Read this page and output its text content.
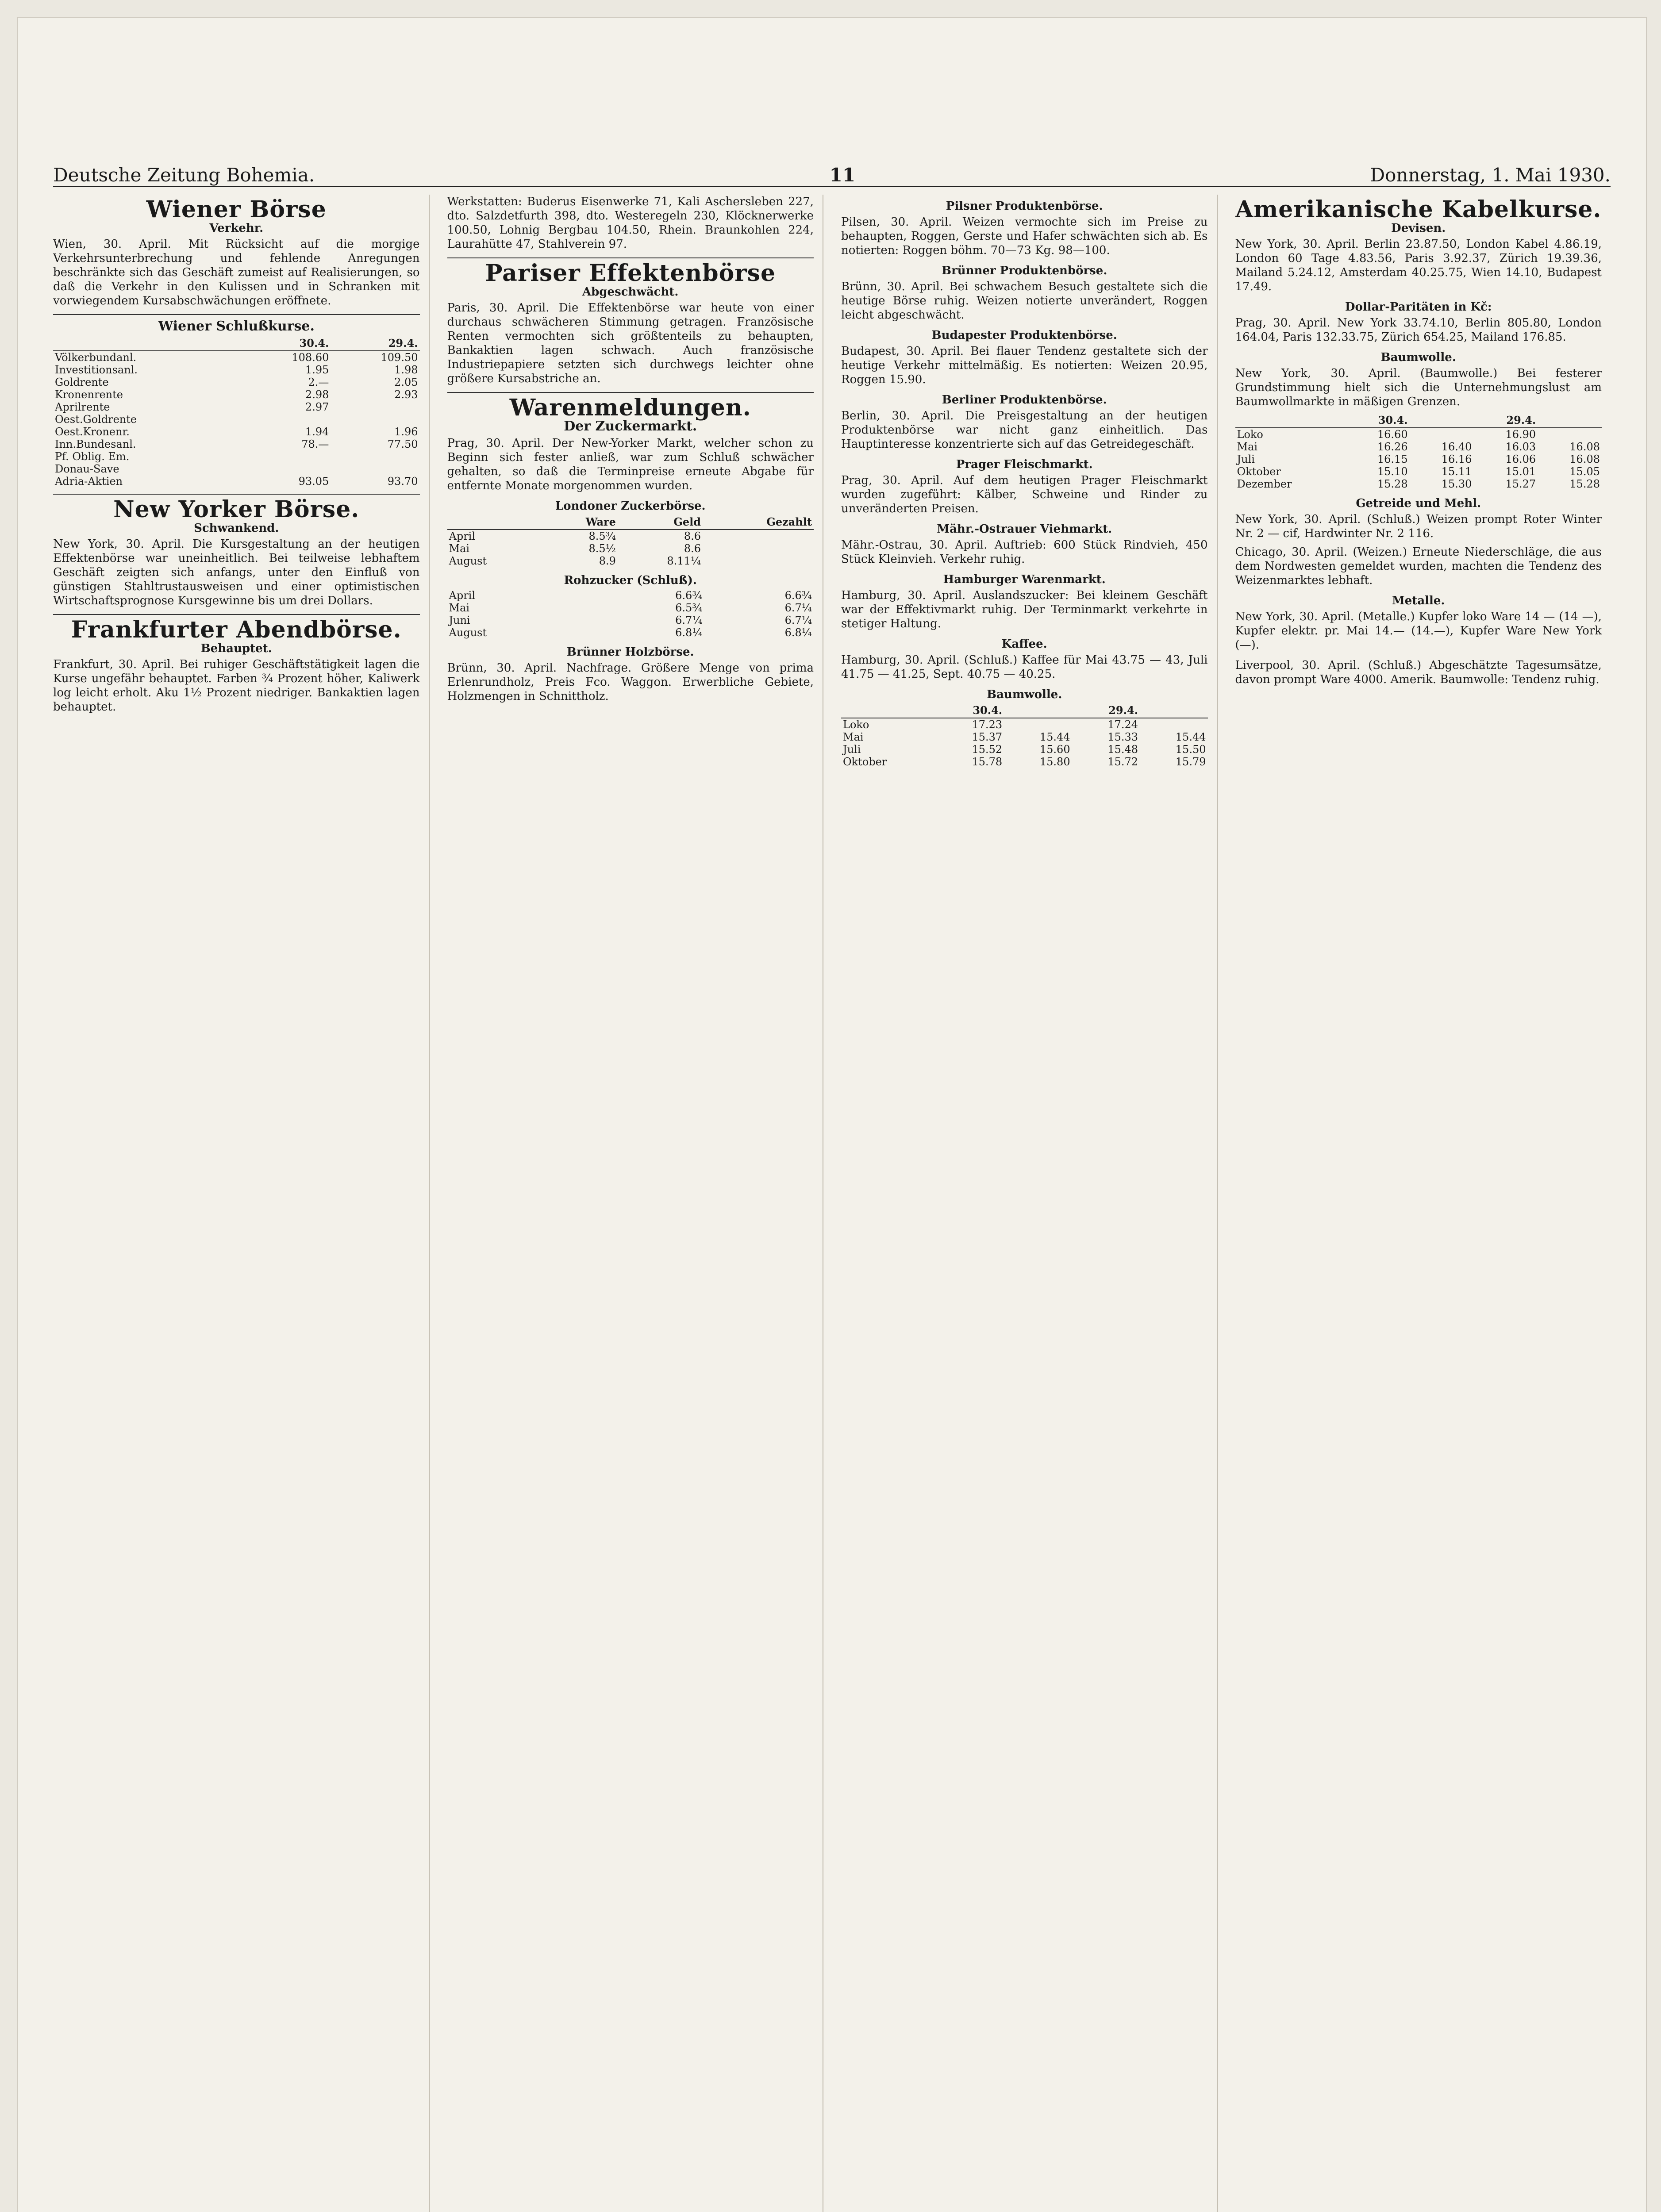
Deutsche Zeitung Bohemia.	11	Donnerstag, 1. Mai 1930.
Wiener Börse
Verkehr.

Wien, 30. April. Mit Rücksicht auf die morgige Verkehrsunterbrechung und fehlende Anregungen beschränkte sich das Geschäft zumeist auf Realisierungen, so daß die Verkehr in den Kulissen und in Schranken mit vorwiegendem Kursabschwächungen eröffnete.

Wiener Schlußkurse.
	30.4.	29.4.
Völkerbundanl.	108.60	109.50
Investitionsanl.	1.95	1.98
Goldrente	2.—	2.05
Kronenrente	2.98	2.93
Aprilrente	2.97	
Oest.Goldrente		
Oest.Kronenr.	1.94	1.96
Inn.Bundesanl.	78.—	77.50
Pf. Oblig. Em.		
Donau-Save		
Adria-Aktien	93.05	93.70
New Yorker Börse.
Schwankend.

New York, 30. April. Die Kursgestaltung an der heutigen Effektenbörse war uneinheitlich. Bei teilweise lebhaftem Geschäft zeigten sich anfangs, unter den Einfluß von günstigen Stahltrustausweisen und einer optimistischen Wirtschaftsprognose Kursgewinne bis um drei Dollars.

Frankfurter Abendbörse.
Behauptet.

Frankfurt, 30. April. Bei ruhiger Geschäftstätigkeit lagen die Kurse ungefähr behauptet. Farben ¾ Prozent höher, Kaliwerk log leicht erholt. Aku 1½ Prozent niedriger. Bankaktien lagen behauptet.

Werkstatten: Buderus Eisenwerke 71, Kali Aschersleben 227, dto. Salzdetfurth 398, dto. Westeregeln 230, Klöcknerwerke 100.50, Lohnig Bergbau 104.50, Rhein. Braunkohlen 224, Laurahütte 47, Stahlverein 97.

Pariser Effektenbörse
Abgeschwächt.

Paris, 30. April. Die Effektenbörse war heute von einer durchaus schwächeren Stimmung getragen. Französische Renten vermochten sich größtenteils zu behaupten, Bankaktien lagen schwach. Auch französische Industriepapiere setzten sich durchwegs leichter ohne größere Kursabstriche an.

Warenmeldungen.
Der Zuckermarkt.

Prag, 30. April. Der New-Yorker Markt, welcher schon zu Beginn sich fester anließ, war zum Schluß schwächer gehalten, so daß die Terminpreise erneute Abgabe für entfernte Monate morgenommen wurden.

Londoner Zuckerbörse.
	Ware	Geld	Gezahlt
April	8.5¾	8.6	
Mai	8.5½	8.6	
August	8.9	8.11¼	
Rohzucker (Schluß).
April	6.6¾	6.6¾
Mai	6.5¾	6.7¼
Juni	6.7¼	6.7¼
August	6.8¼	6.8¼
Brünner Holzbörse.

Brünn, 30. April. Nachfrage. Größere Menge von prima Erlenrundholz, Preis Fco. Waggon. Erwerbliche Gebiete, Holzmengen in Schnittholz.

Pilsner Produktenbörse.

Pilsen, 30. April. Weizen vermochte sich im Preise zu behaupten, Roggen, Gerste und Hafer schwächten sich ab. Es notierten: Roggen böhm. 70—73 Kg. 98—100.

Brünner Produktenbörse.

Brünn, 30. April. Bei schwachem Besuch gestaltete sich die heutige Börse ruhig. Weizen notierte unverändert, Roggen leicht abgeschwächt.

Budapester Produktenbörse.

Budapest, 30. April. Bei flauer Tendenz gestaltete sich der heutige Verkehr mittelmäßig. Es notierten: Weizen 20.95, Roggen 15.90.

Berliner Produktenbörse.

Berlin, 30. April. Die Preisgestaltung an der heutigen Produktenbörse war nicht ganz einheitlich. Das Hauptinteresse konzentrierte sich auf das Getreidegeschäft.

Prager Fleischmarkt.

Prag, 30. April. Auf dem heutigen Prager Fleischmarkt wurden zugeführt: Kälber, Schweine und Rinder zu unveränderten Preisen.

Mähr.-Ostrauer Viehmarkt.

Mähr.-Ostrau, 30. April. Auftrieb: 600 Stück Rindvieh, 450 Stück Kleinvieh. Verkehr ruhig.

Hamburger Warenmarkt.

Hamburg, 30. April. Auslandszucker: Bei kleinem Geschäft war der Effektivmarkt ruhig. Der Terminmarkt verkehrte in stetiger Haltung.

Kaffee.

Hamburg, 30. April. (Schluß.) Kaffee für Mai 43.75 — 43, Juli 41.75 — 41.25, Sept. 40.75 — 40.25.

Baumwolle.
	30.4.		29.4.	
Loko	17.23		17.24	
Mai	15.37	15.44	15.33	15.44
Juli	15.52	15.60	15.48	15.50
Oktober	15.78	15.80	15.72	15.79
Amerikanische Kabelkurse.
Devisen.

New York, 30. April. Berlin 23.87.50, London Kabel 4.86.19, London 60 Tage 4.83.56, Paris 3.92.37, Zürich 19.39.36, Mailand 5.24.12, Amsterdam 40.25.75, Wien 14.10, Budapest 17.49.

Dollar-Paritäten in Kč:

Prag, 30. April. New York 33.74.10, Berlin 805.80, London 164.04, Paris 132.33.75, Zürich 654.25, Mailand 176.85.

Baumwolle.

New York, 30. April. (Baumwolle.) Bei festerer Grundstimmung hielt sich die Unternehmungslust am Baumwollmarkte in mäßigen Grenzen.

	30.4.		29.4.	
Loko	16.60		16.90	
Mai	16.26	16.40	16.03	16.08
Juli	16.15	16.16	16.06	16.08
Oktober	15.10	15.11	15.01	15.05
Dezember	15.28	15.30	15.27	15.28
Getreide und Mehl.

New York, 30. April. (Schluß.) Weizen prompt Roter Winter Nr. 2 — cif, Hardwinter Nr. 2 116.

Chicago, 30. April. (Weizen.) Erneute Niederschläge, die aus dem Nordwesten gemeldet wurden, machten die Tendenz des Weizenmarktes lebhaft.

Metalle.

New York, 30. April. (Metalle.) Kupfer loko Ware 14 — (14 —), Kupfer elektr. pr. Mai 14.— (14.—), Kupfer Ware New York (—).

Liverpool, 30. April. (Schluß.) Abgeschätzte Tagesumsätze, davon prompt Ware 4000. Amerik. Baumwolle: Tendenz ruhig.
